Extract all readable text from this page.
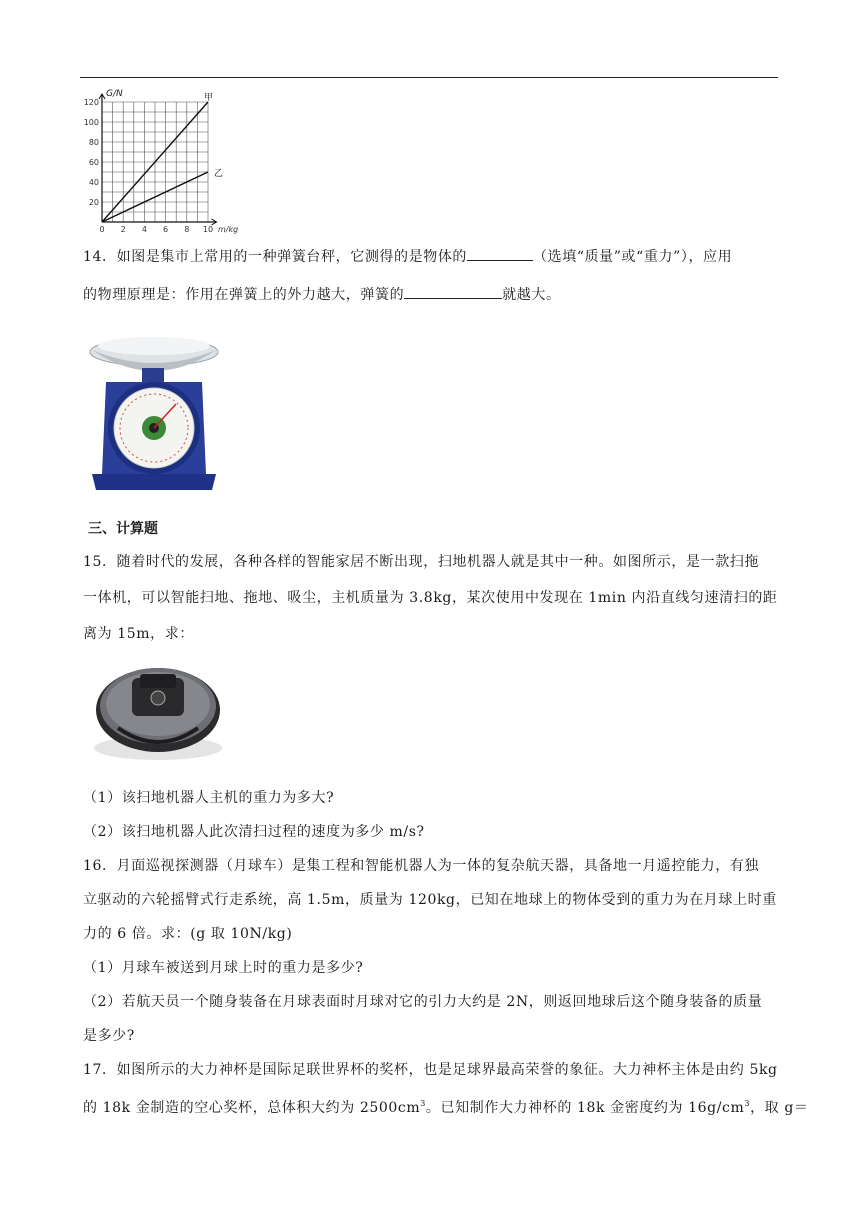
G/N
120
100
80
60
40
20
0 2 4 6 8 10 m/kg
甲
乙
14．如图是集市上常用的一种弹簧台秤，它测得的是物体的	（选填“质量”或“重力”），应用
的物理原理是：作用在弹簧上的外力越大，弹簧的	就越大。
三、计算题
15．随着时代的发展，各种各样的智能家居不断出现，扫地机器人就是其中一种。如图所示，是一款扫拖
一体机，可以智能扫地、拖地、吸尘，主机质量为 3.8kg，某次使用中发现在 1min 内沿直线匀速清扫的距
离为 15m，求：
（1）该扫地机器人主机的重力为多大?
（2）该扫地机器人此次清扫过程的速度为多少 m/s?
16．月面巡视探测器（月球车）是集工程和智能机器人为一体的复杂航天器，具备地一月遥控能力，有独
立驱动的六轮摇臂式行走系统，高 1.5m，质量为 120kg，已知在地球上的物体受到的重力为在月球上时重
力的 6 倍。求：(g 取 10N/kg)
（1）月球车被送到月球上时的重力是多少?
（2）若航天员一个随身装备在月球表面时月球对它的引力大约是 2N，则返回地球后这个随身装备的质量
是多少?
17．如图所示的大力神杯是国际足联世界杯的奖杯，也是足球界最高荣誉的象征。大力神杯主体是由约 5kg
的 18k 金制造的空心奖杯，总体积大约为 $2500cm^3$。已知制作大力神杯的 18k 金密度约为 $16g/cm^3$，取 g＝
